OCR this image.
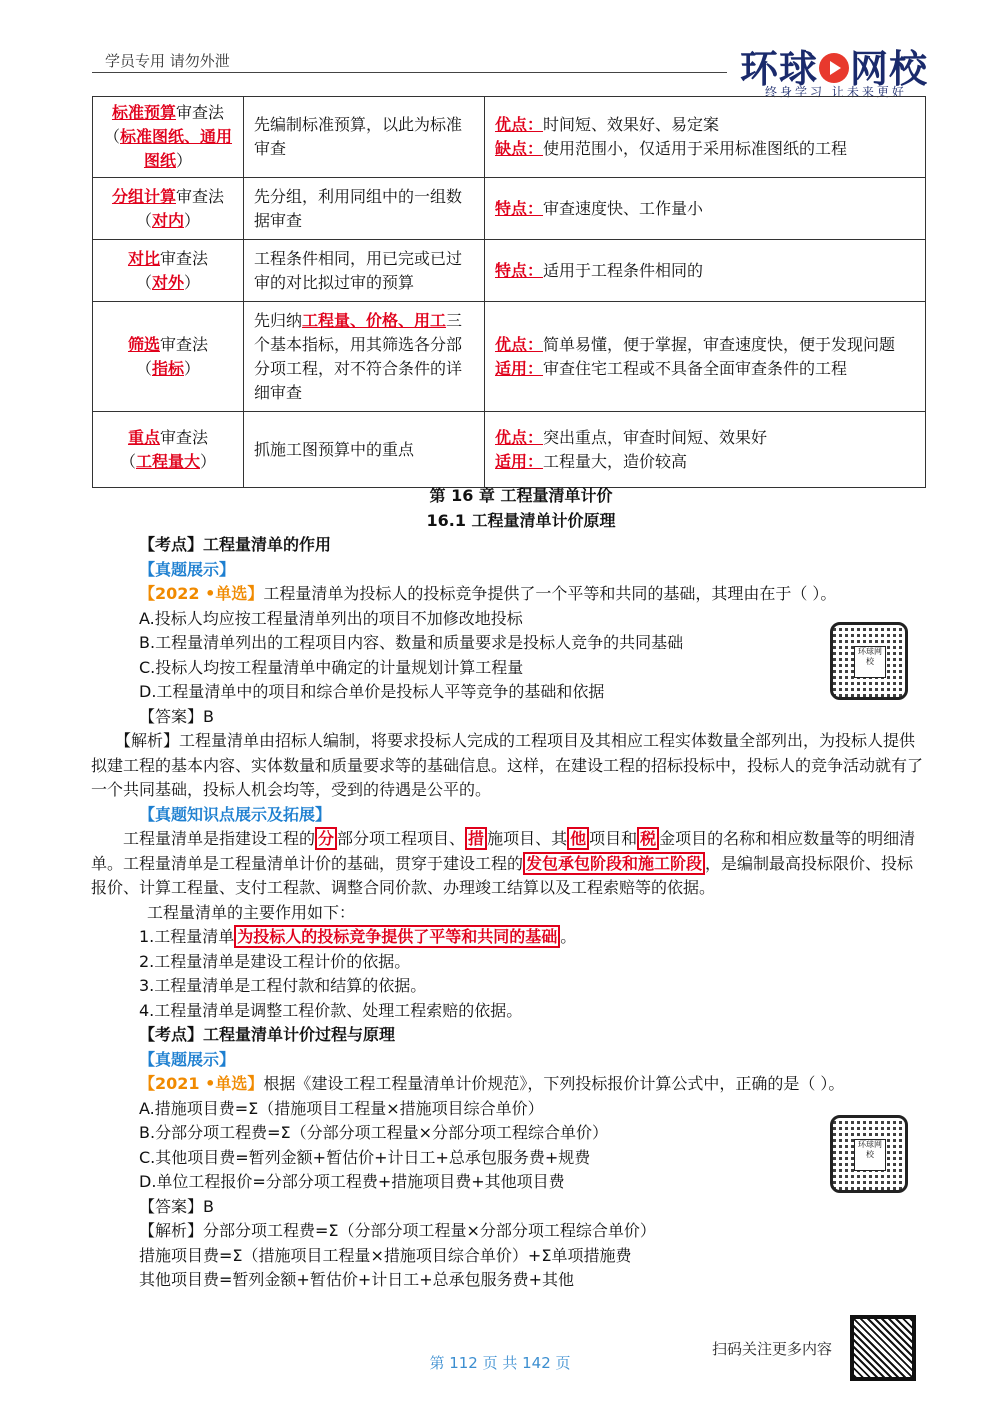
学员专用 请勿外泄	环球 网校
终身学习 让未来更好
标准预算审查法
（标准图纸、通用图纸）	先编制标准预算，以此为标准审查	优点：时间短、效果好、易定案
缺点：使用范围小，仅适用于采用标准图纸的工程
分组计算审查法
（对内）	先分组，利用同组中的一组数据审查	特点：审查速度快、工作量小
对比审查法
（对外）	工程条件相同，用已完或已过审的对比拟过审的预算	特点：适用于工程条件相同的
筛选审查法
（指标）	先归纳工程量、价格、用工三个基本指标，用其筛选各分部分项工程，对不符合条件的详细审查	优点：简单易懂，便于掌握，审查速度快，便于发现问题
适用：审查住宅工程或不具备全面审查条件的工程
重点审查法
（工程量大）	抓施工图预算中的重点	优点：突出重点，审查时间短、效果好
适用：工程量大，造价较高
第 16 章 工程量清单计价
16.1 工程量清单计价原理
【考点】工程量清单的作用
【真题展示】
【2022 •单选】工程量清单为投标人的投标竞争提供了一个平等和共同的基础，其理由在于（ ）。
A.投标人均应按工程量清单列出的项目不加修改地投标
B.工程量清单列出的工程项目内容、数量和质量要求是投标人竞争的共同基础
C.投标人均按工程量清单中确定的计量规划计算工程量
D.工程量清单中的项目和综合单价是投标人平等竞争的基础和依据
【答案】B
【解析】工程量清单由招标人编制，将要求投标人完成的工程项目及其相应工程实体数量全部列出，为投标人提供拟建工程的基本内容、实体数量和质量要求等的基础信息。这样，在建设工程的招标投标中，投标人的竞争活动就有了一个共同基础，投标人机会均等，受到的待遇是公平的。
【真题知识点展示及拓展】
工程量清单是指建设工程的 分 部分项工程项目、 措 施项目、其 他 项目和 税 金项目的名称和相应数量等的明细清单。工程量清单是工程量清单计价的基础，贯穿于建设工程的 发包承包阶段和施工阶段 ，是编制最高投标限价、投标报价、计算工程量、支付工程款、调整合同价款、办理竣工结算以及工程索赔等的依据。
工程量清单的主要作用如下：
1.工程量清单 为投标人的投标竞争提供了平等和共同的基础 。
2.工程量清单是建设工程计价的依据。
3.工程量清单是工程付款和结算的依据。
4.工程量清单是调整工程价款、处理工程索赔的依据。
【考点】工程量清单计价过程与原理
【真题展示】
【2021 •单选】根据《建设工程工程量清单计价规范》，下列投标报价计算公式中，正确的是（ ）。
A.措施项目费=Σ（措施项目工程量×措施项目综合单价）
B.分部分项工程费=Σ（分部分项工程量×分部分项工程综合单价）
C.其他项目费=暂列金额+暂估价+计日工+总承包服务费+规费
D.单位工程报价=分部分项工程费+措施项目费+其他项目费
【答案】B
【解析】分部分项工程费=Σ（分部分项工程量×分部分项工程综合单价）
措施项目费=Σ（措施项目工程量×措施项目综合单价）+Σ单项措施费
其他项目费=暂列金额+暂估价+计日工+总承包服务费+其他
环球网校
环球网校
扫码关注更多内容
第 112 页 共 142 页
